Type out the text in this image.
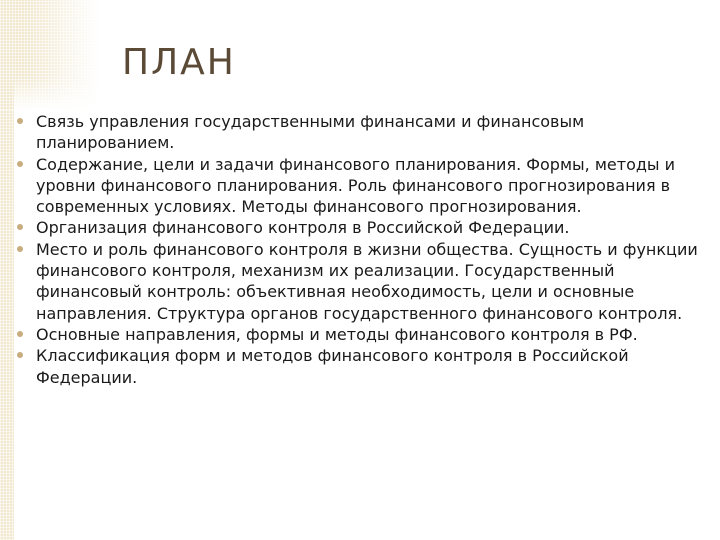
ПЛАН
Связь управления государственными финансами и финансовым планированием.
Содержание, цели и задачи финансового планирования. Формы, методы и уровни финансового планирования. Роль финансового прогнозирования в современных условиях. Методы финансового прогнозирования.
Организация финансового контроля в Российской Федерации.
Место и роль финансового контроля в жизни общества. Сущность и функции финансового контроля, механизм их реализации. Государственный финансовый контроль: объективная необходимость, цели и основные направления. Структура органов государственного финансового контроля.
Основные направления, формы и методы финансового контроля в РФ.
Классификация форм и методов финансового контроля в Российской Федерации.
